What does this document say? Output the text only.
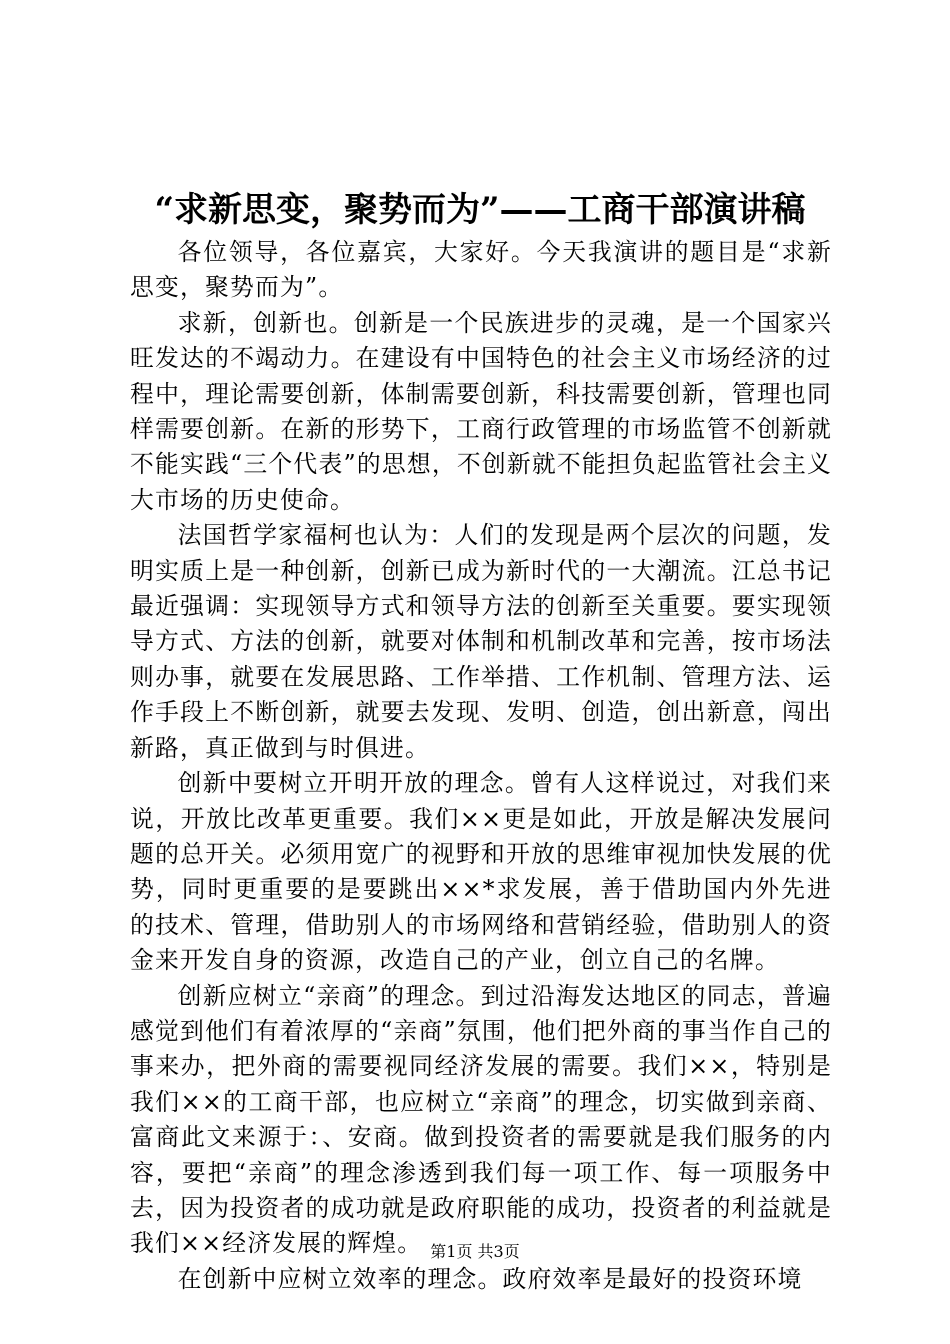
“求新思变，聚势而为”——工商干部演讲稿

各位领导，各位嘉宾，大家好。今天我演讲的题目是“求新思变，聚势而为”。

求新，创新也。创新是一个民族进步的灵魂，是一个国家兴旺发达的不竭动力。在建设有中国特色的社会主义市场经济的过程中，理论需要创新，体制需要创新，科技需要创新，管理也同样需要创新。在新的形势下，工商行政管理的市场监管不创新就不能实践“三个代表”的思想，不创新就不能担负起监管社会主义大市场的历史使命。

法国哲学家福柯也认为：人们的发现是两个层次的问题，发明实质上是一种创新，创新已成为新时代的一大潮流。江总书记最近强调：实现领导方式和领导方法的创新至关重要。要实现领导方式、方法的创新，就要对体制和机制改革和完善，按市场法则办事，就要在发展思路、工作举措、工作机制、管理方法、运作手段上不断创新，就要去发现、发明、创造，创出新意，闯出新路，真正做到与时俱进。

创新中要树立开明开放的理念。曾有人这样说过，对我们来说，开放比改革更重要。我们××更是如此，开放是解决发展问题的总开关。必须用宽广的视野和开放的思维审视加快发展的优势，同时更重要的是要跳出××*求发展，善于借助国内外先进的技术、管理，借助别人的市场网络和营销经验，借助别人的资金来开发自身的资源，改造自己的产业，创立自己的名牌。

创新应树立“亲商”的理念。到过沿海发达地区的同志，普遍感觉到他们有着浓厚的“亲商”氛围，他们把外商的事当作自己的事来办，把外商的需要视同经济发展的需要。我们××，特别是我们××的工商干部，也应树立“亲商”的理念，切实做到亲商、富商此文来源于：、安商。做到投资者的需要就是我们服务的内容，要把“亲商”的理念渗透到我们每一项工作、每一项服务中去，因为投资者的成功就是政府职能的成功，投资者的利益就是我们××经济发展的辉煌。

在创新中应树立效率的理念。政府效率是最好的投资环境

第1页 共3页
